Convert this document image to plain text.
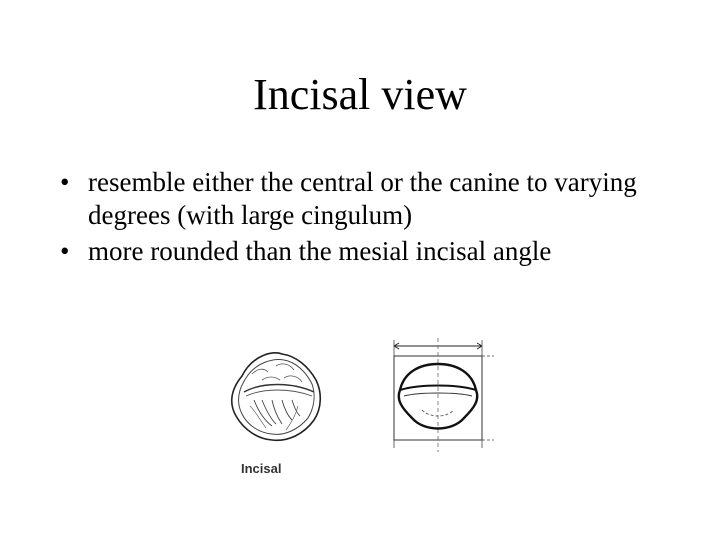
Incisal view
• resemble either the central or the canine to varying degrees (with large cingulum)
• more rounded than the mesial incisal angle
Incisal
